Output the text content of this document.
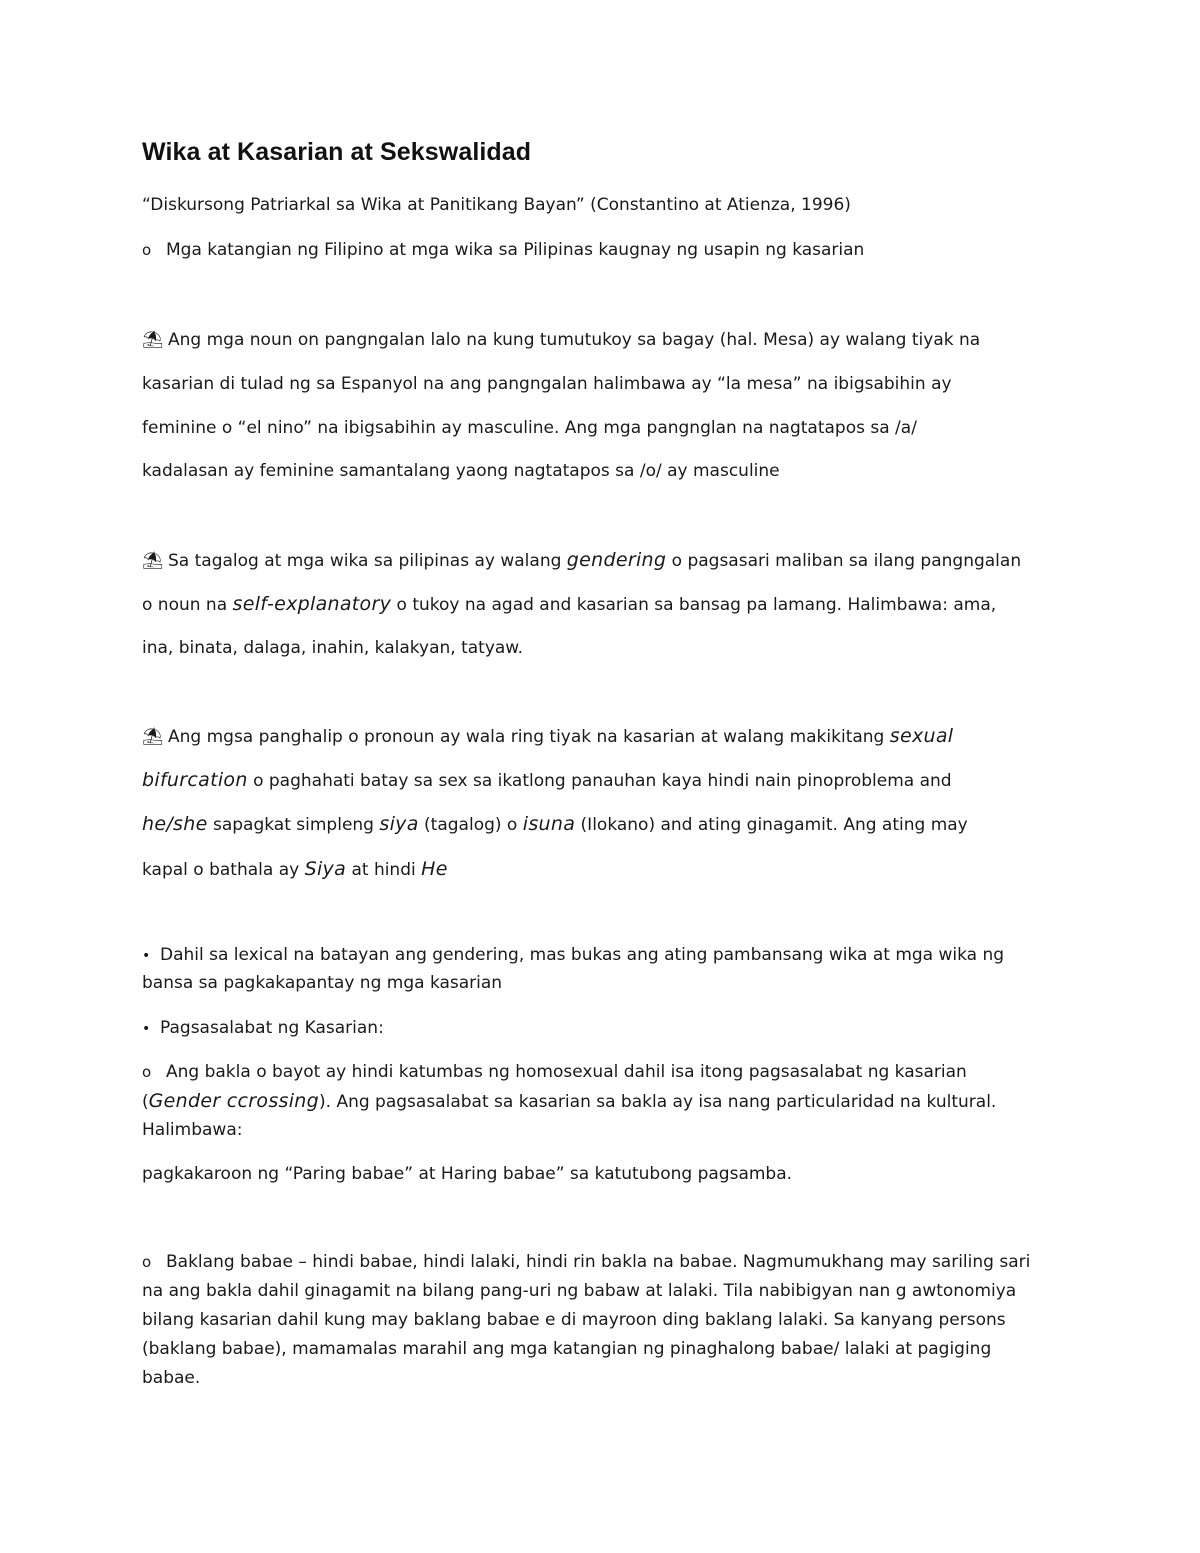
Wika at Kasarian at Sekswalidad
“Diskursong Patriarkal sa Wika at Panitikang Bayan” (Constantino at Atienza, 1996)
o Mga katangian ng Filipino at mga wika sa Pilipinas kaugnay ng usapin ng kasarian
⛱ Ang mga noun on pangngalan lalo na kung tumutukoy sa bagay (hal. Mesa) ay walang tiyak na
kasarian di tulad ng sa Espanyol na ang pangngalan halimbawa ay “la mesa” na ibigsabihin ay
feminine o “el nino” na ibigsabihin ay masculine. Ang mga pangnglan na nagtatapos sa /a/
kadalasan ay feminine samantalang yaong nagtatapos sa /o/ ay masculine
⛱ Sa tagalog at mga wika sa pilipinas ay walang gendering o pagsasari maliban sa ilang pangngalan
o noun na self-explanatory o tukoy na agad and kasarian sa bansag pa lamang. Halimbawa: ama,
ina, binata, dalaga, inahin, kalakyan, tatyaw.
⛱ Ang mgsa panghalip o pronoun ay wala ring tiyak na kasarian at walang makikitang sexual
bifurcation o paghahati batay sa sex sa ikatlong panauhan kaya hindi nain pinoproblema and
he/she sapagkat simpleng siya (tagalog) o isuna (Ilokano) and ating ginagamit. Ang ating may
kapal o bathala ay Siya at hindi He
• Dahil sa lexical na batayan ang gendering, mas bukas ang ating pambansang wika at mga wika ng
bansa sa pagkakapantay ng mga kasarian
• Pagsasalabat ng Kasarian:
o Ang bakla o bayot ay hindi katumbas ng homosexual dahil isa itong pagsasalabat ng kasarian
(Gender ccrossing). Ang pagsasalabat sa kasarian sa bakla ay isa nang particularidad na kultural.
Halimbawa:
pagkakaroon ng “Paring babae” at Haring babae” sa katutubong pagsamba.
o Baklang babae – hindi babae, hindi lalaki, hindi rin bakla na babae. Nagmumukhang may sariling sari
na ang bakla dahil ginagamit na bilang pang-uri ng babaw at lalaki. Tila nabibigyan nan g awtonomiya
bilang kasarian dahil kung may baklang babae e di mayroon ding baklang lalaki. Sa kanyang persons
(baklang babae), mamamalas marahil ang mga katangian ng pinaghalong babae/ lalaki at pagiging
babae.
